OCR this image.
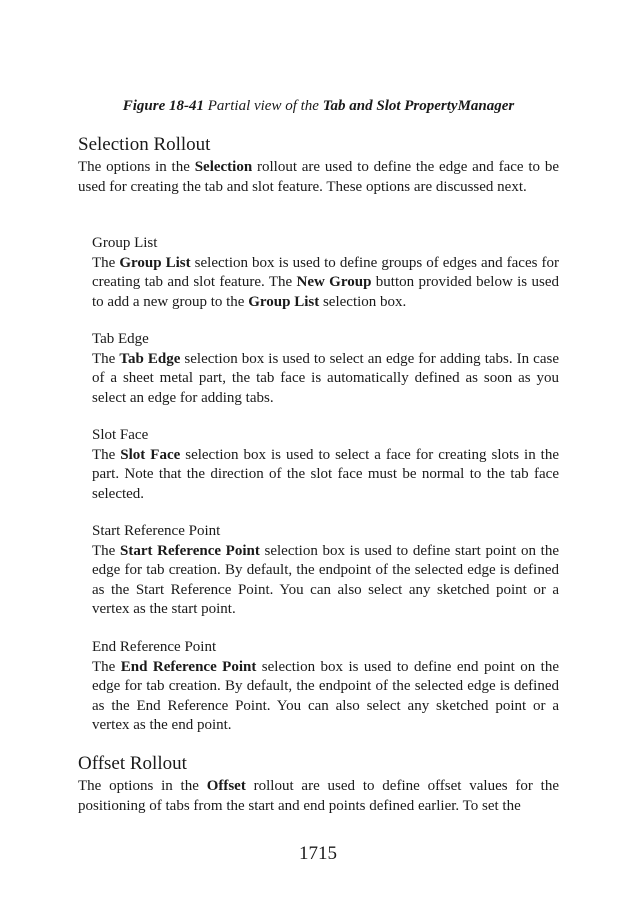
Figure 18-41 Partial view of the Tab and Slot PropertyManager
Selection Rollout

The options in the Selection rollout are used to define the edge and face to be used for creating the tab and slot feature. These options are discussed next.

Group List

The Group List selection box is used to define groups of edges and faces for creating tab and slot feature. The New Group button provided below is used to add a new group to the Group List selection box.

Tab Edge

The Tab Edge selection box is used to select an edge for adding tabs. In case of a sheet metal part, the tab face is automatically defined as soon as you select an edge for adding tabs.

Slot Face

The Slot Face selection box is used to select a face for creating slots in the part. Note that the direction of the slot face must be normal to the tab face selected.

Start Reference Point

The Start Reference Point selection box is used to define start point on the edge for tab creation. By default, the endpoint of the selected edge is defined as the Start Reference Point. You can also select any sketched point or a vertex as the start point.

End Reference Point

The End Reference Point selection box is used to define end point on the edge for tab creation. By default, the endpoint of the selected edge is defined as the End Reference Point. You can also select any sketched point or a vertex as the end point.

Offset Rollout

The options in the Offset rollout are used to define offset values for the positioning of tabs from the start and end points defined earlier. To set the

1715
